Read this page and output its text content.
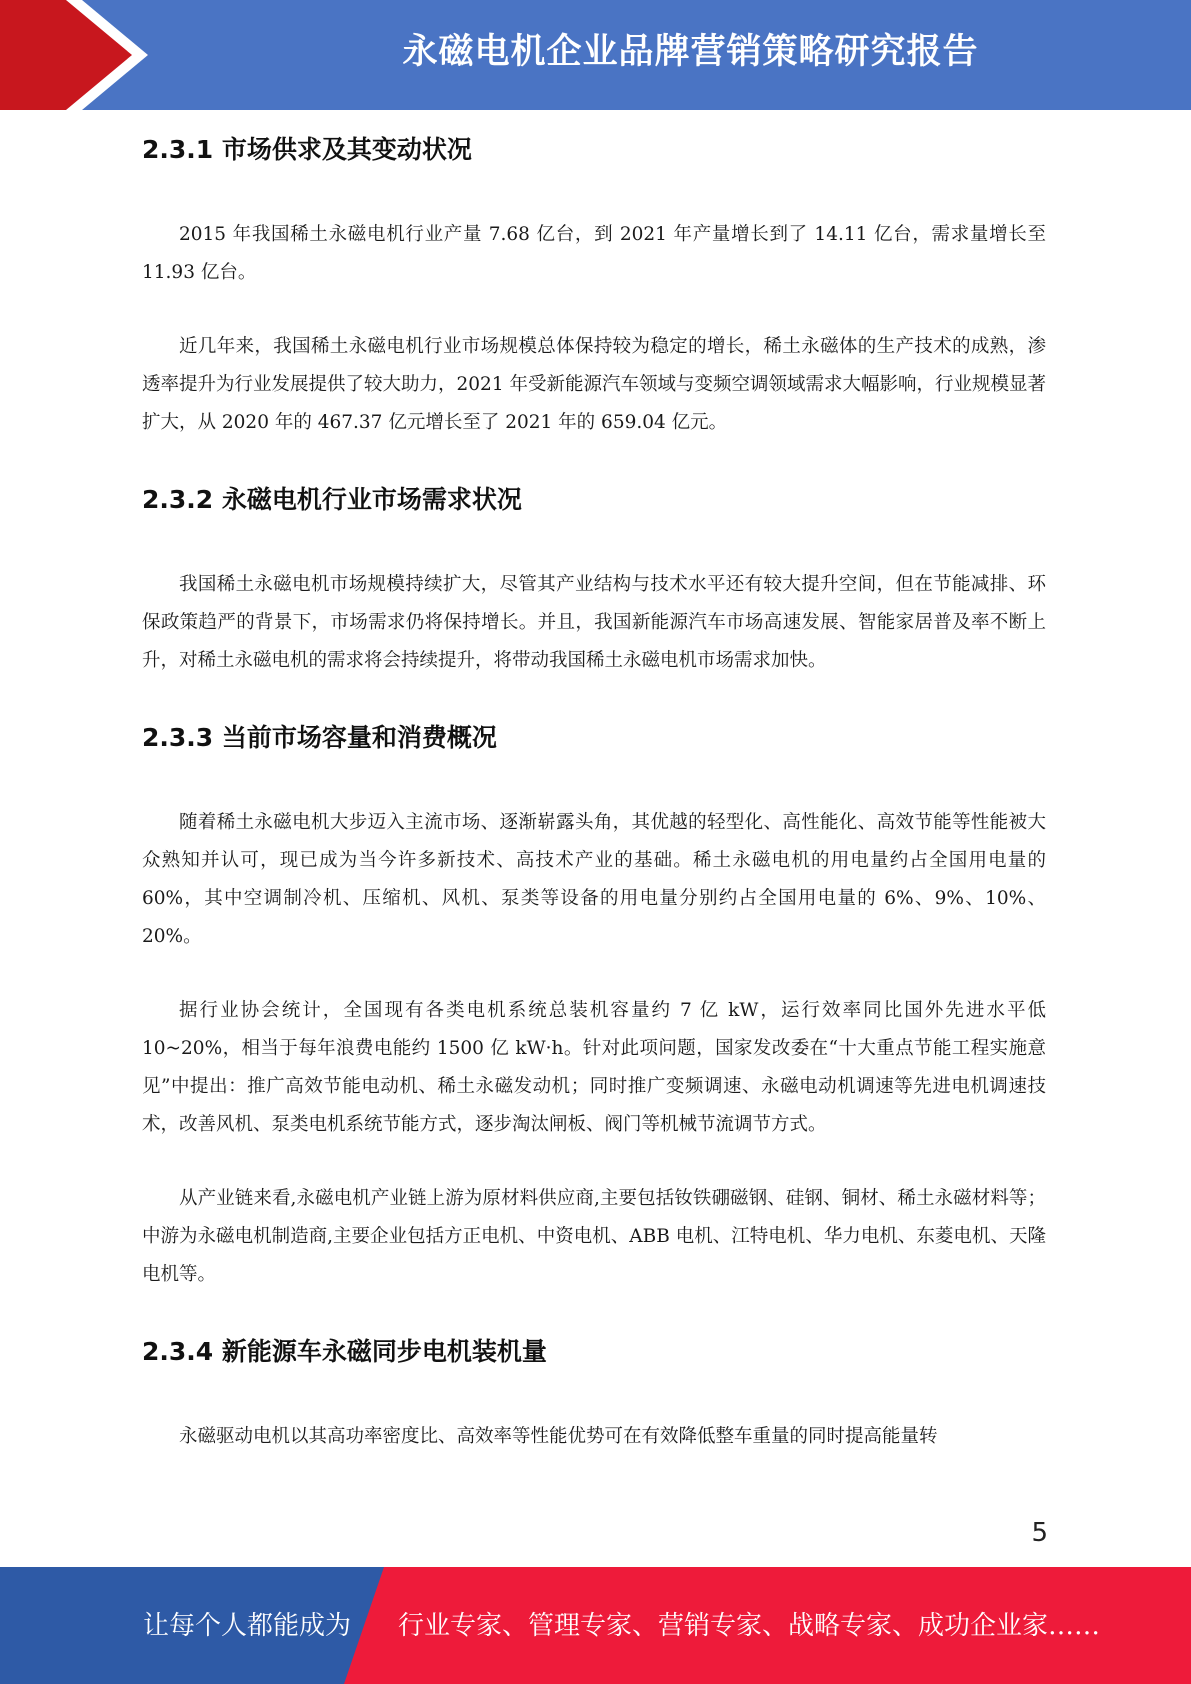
永磁电机企业品牌营销策略研究报告
2.3.1 市场供求及其变动状况

2015 年我国稀土永磁电机行业产量 7.68 亿台，到 2021 年产量增长到了 14.11 亿台，需求量增长至 11.93 亿台。

近几年来，我国稀土永磁电机行业市场规模总体保持较为稳定的增长，稀土永磁体的生产技术的成熟，渗透率提升为行业发展提供了较大助力，2021 年受新能源汽车领域与变频空调领域需求大幅影响，行业规模显著扩大，从 2020 年的 467.37 亿元增长至了 2021 年的 659.04 亿元。

2.3.2 永磁电机行业市场需求状况

我国稀土永磁电机市场规模持续扩大，尽管其产业结构与技术水平还有较大提升空间，但在节能减排、环保政策趋严的背景下，市场需求仍将保持增长。并且，我国新能源汽车市场高速发展、智能家居普及率不断上升，对稀土永磁电机的需求将会持续提升，将带动我国稀土永磁电机市场需求加快。

2.3.3 当前市场容量和消费概况

随着稀土永磁电机大步迈入主流市场、逐渐崭露头角，其优越的轻型化、高性能化、高效节能等性能被大众熟知并认可，现已成为当今许多新技术、高技术产业的基础。稀土永磁电机的用电量约占全国用电量的 60%，其中空调制冷机、压缩机、风机、泵类等设备的用电量分别约占全国用电量的 6%、9%、10%、20%。

据行业协会统计，全国现有各类电机系统总装机容量约 7 亿 kW，运行效率同比国外先进水平低 10~20%，相当于每年浪费电能约 1500 亿 kW·h。针对此项问题，国家发改委在“十大重点节能工程实施意见”中提出：推广高效节能电动机、稀土永磁发动机；同时推广变频调速、永磁电动机调速等先进电机调速技术，改善风机、泵类电机系统节能方式，逐步淘汰闸板、阀门等机械节流调节方式。

从产业链来看,永磁电机产业链上游为原材料供应商,主要包括钕铁硼磁钢、硅钢、铜材、稀土永磁材料等；中游为永磁电机制造商,主要企业包括方正电机、中资电机、ABB 电机、江特电机、华力电机、东菱电机、天隆电机等。

2.3.4 新能源车永磁同步电机装机量

永磁驱动电机以其高功率密度比、高效率等性能优势可在有效降低整车重量的同时提高能量转

5
让每个人都能成为 行业专家、管理专家、营销专家、战略专家、成功企业家……
